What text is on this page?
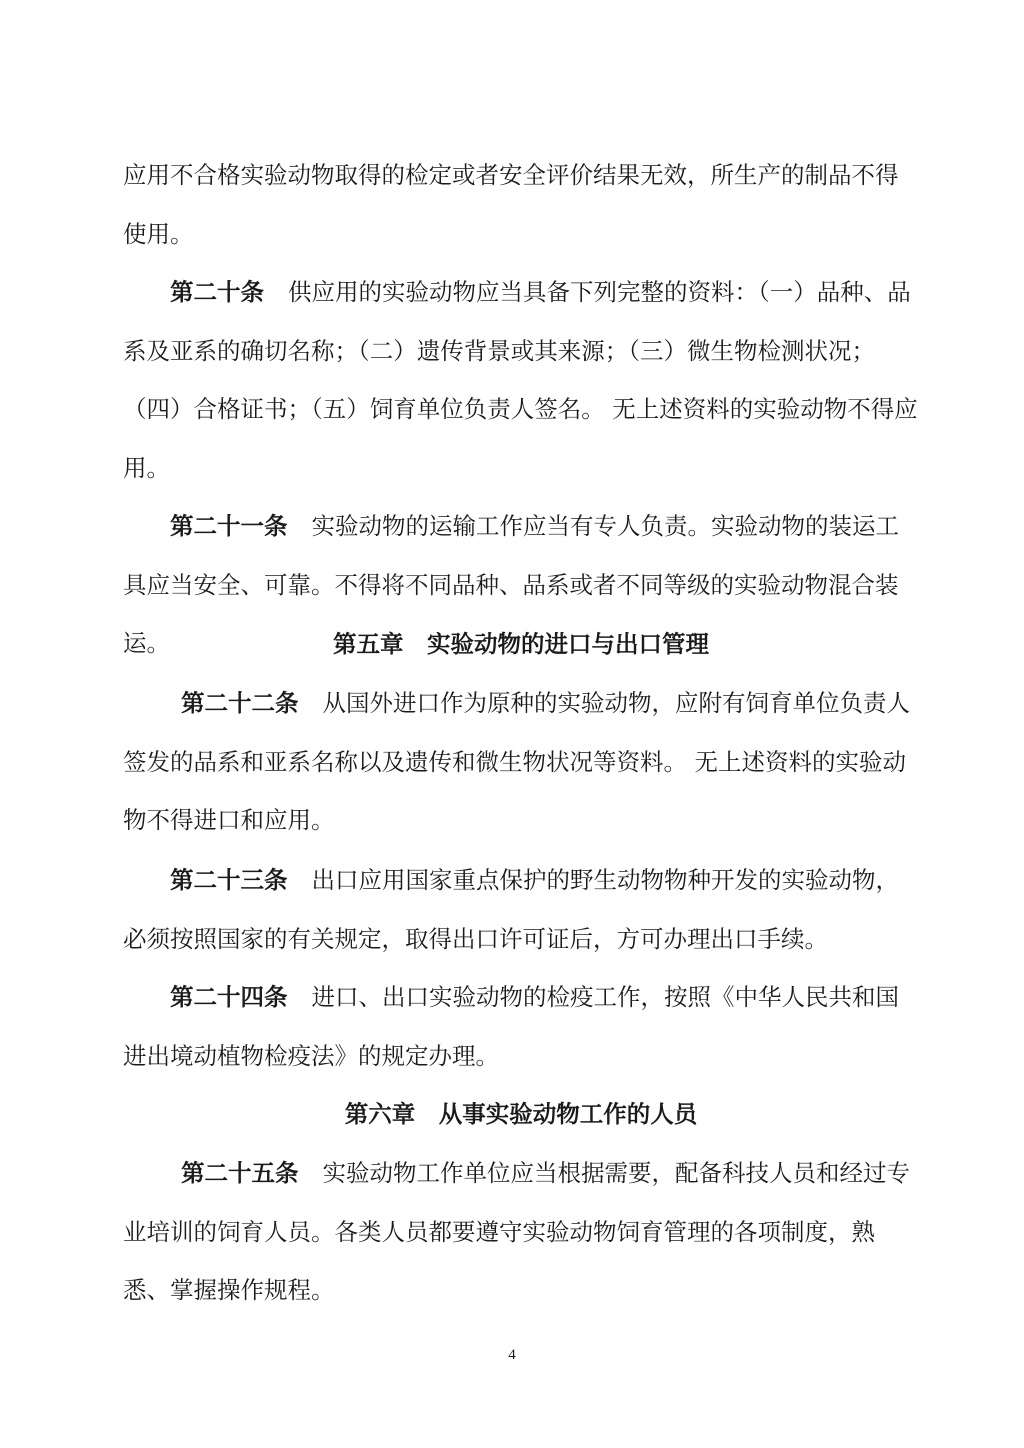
应用不合格实验动物取得的检定或者安全评价结果无效，所生产的制品不得使用。

第二十条 供应用的实验动物应当具备下列完整的资料：（一）品种、品系及亚系的确切名称；（二）遗传背景或其来源；（三）微生物检测状况；（四）合格证书；（五）饲育单位负责人签名。 无上述资料的实验动物不得应用。

第二十一条 实验动物的运输工作应当有专人负责。实验动物的装运工具应当安全、可靠。不得将不同品种、品系或者不同等级的实验动物混合装运。	第五章　实验动物的进口与出口管理

第二十二条 从国外进口作为原种的实验动物，应附有饲育单位负责人签发的品系和亚系名称以及遗传和微生物状况等资料。 无上述资料的实验动物不得进口和应用。

第二十三条 出口应用国家重点保护的野生动物物种开发的实验动物，必须按照国家的有关规定，取得出口许可证后，方可办理出口手续。

第二十四条 进口、出口实验动物的检疫工作，按照《中华人民共和国进出境动植物检疫法》的规定办理。

第六章　从事实验动物工作的人员

第二十五条 实验动物工作单位应当根据需要，配备科技人员和经过专业培训的饲育人员。各类人员都要遵守实验动物饲育管理的各项制度，熟悉、掌握操作规程。

4
